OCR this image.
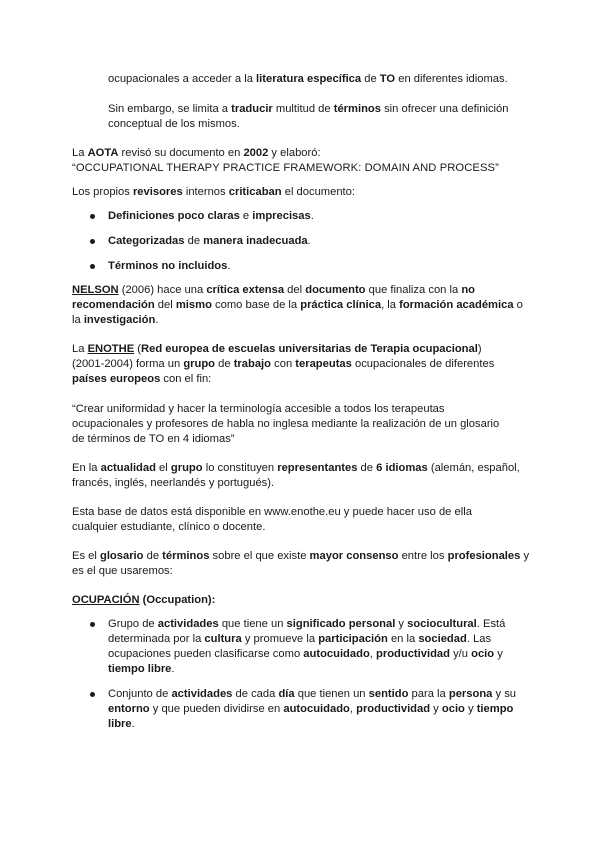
ocupacionales a acceder a la literatura específica de TO en diferentes idiomas.

Sin embargo, se limita a traducir multitud de términos sin ofrecer una definición

conceptual de los mismos.

La AOTA revisó su documento en 2002 y elaboró:

“OCCUPATIONAL THERAPY PRACTICE FRAMEWORK: DOMAIN AND PROCESS”

Los propios revisores internos criticaban el documento:

Definiciones poco claras e imprecisas.

Categorizadas de manera inadecuada.

Términos no incluidos.

NELSON (2006) hace una crítica extensa del documento que finaliza con la no

recomendación del mismo como base de la práctica clínica, la formación académica o

la investigación.

La ENOTHE (Red europea de escuelas universitarias de Terapia ocupacional)

(2001-2004) forma un grupo de trabajo con terapeutas ocupacionales de diferentes

países europeos con el fin:

“Crear uniformidad y hacer la terminología accesible a todos los terapeutas

ocupacionales y profesores de habla no inglesa mediante la realización de un glosario

de términos de TO en 4 idiomas”

En la actualidad el grupo lo constituyen representantes de 6 idiomas (alemán, español,

francés, inglés, neerlandés y portugués).

Esta base de datos está disponible en www.enothe.eu y puede hacer uso de ella

cualquier estudiante, clínico o docente.

Es el glosario de términos sobre el que existe mayor consenso entre los profesionales y

es el que usaremos:

OCUPACIÓN (Occupation):

Grupo de actividades que tiene un significado personal y sociocultural. Está

determinada por la cultura y promueve la participación en la sociedad. Las

ocupaciones pueden clasificarse como autocuidado, productividad y/u ocio y

tiempo libre.

Conjunto de actividades de cada día que tienen un sentido para la persona y su

entorno y que pueden dividirse en autocuidado, productividad y ocio y tiempo

libre.
